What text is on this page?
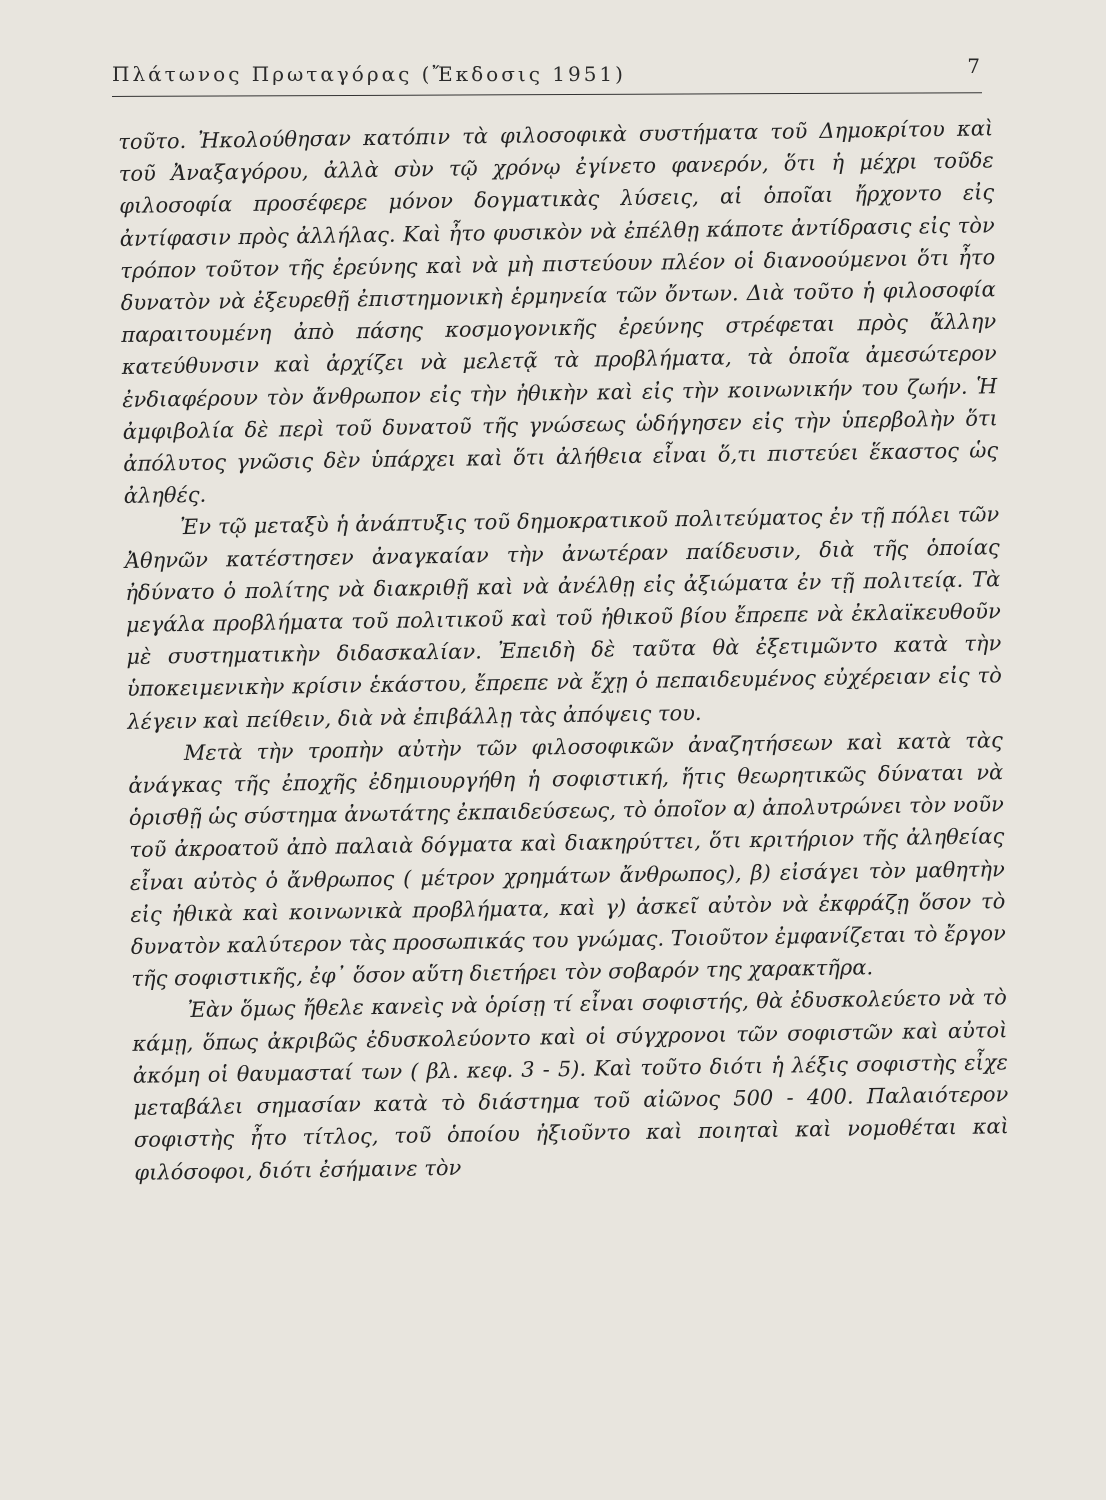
Πλάτωνος Πρωταγόρας (Ἔκδοσις 1951)	7

τοῦτο. Ἠκολούθησαν κατόπιν τὰ φιλοσοφικὰ συστήματα τοῦ Δημοκρίτου καὶ τοῦ Ἀναξαγόρου, ἀλλὰ σὺν τῷ χρόνῳ ἐγίνετο φανερόν, ὅτι ἡ μέχρι τοῦδε φιλοσοφία προσέφερε μόνον δογματικὰς λύσεις, αἱ ὁποῖαι ἤρχοντο εἰς ἀντίφασιν πρὸς ἀλλήλας. Καὶ ἦτο φυσικὸν νὰ ἐπέλθῃ κάποτε ἀντίδρασις εἰς τὸν τρόπον τοῦτον τῆς ἐρεύνης καὶ νὰ μὴ πιστεύουν πλέον οἱ διανοούμενοι ὅτι ἦτο δυνατὸν νὰ ἐξευρεθῇ ἐπιστημονικὴ ἑρμηνεία τῶν ὄντων. Διὰ τοῦτο ἡ φιλοσοφία παραιτουμένη ἀπὸ πάσης κοσμογονικῆς ἐρεύνης στρέφεται πρὸς ἄλλην κατεύθυνσιν καὶ ἀρχίζει νὰ μελετᾷ τὰ προβλήματα, τὰ ὁποῖα ἀμεσώτερον ἐνδιαφέρουν τὸν ἄνθρωπον εἰς τὴν ἠθικὴν καὶ εἰς τὴν κοινωνικήν του ζωήν. Ἡ ἀμφιβολία δὲ περὶ τοῦ δυνατοῦ τῆς γνώσεως ὡδήγησεν εἰς τὴν ὑπερβολὴν ὅτι ἀπόλυτος γνῶσις δὲν ὑπάρχει καὶ ὅτι ἀλήθεια εἶναι ὅ,τι πιστεύει ἕκαστος ὡς ἀληθές.

Ἐν τῷ μεταξὺ ἡ ἀνάπτυξις τοῦ δημοκρατικοῦ πολιτεύματος ἐν τῇ πόλει τῶν Ἀθηνῶν κατέστησεν ἀναγκαίαν τὴν ἀνωτέραν παίδευσιν, διὰ τῆς ὁποίας ἠδύνατο ὁ πολίτης νὰ διακριθῇ καὶ νὰ ἀνέλθῃ εἰς ἀξιώματα ἐν τῇ πολιτείᾳ. Τὰ μεγάλα προβλήματα τοῦ πολιτικοῦ καὶ τοῦ ἠθικοῦ βίου ἔπρεπε νὰ ἐκλαϊκευθοῦν μὲ συστηματικὴν διδασκαλίαν. Ἐπειδὴ δὲ ταῦτα θὰ ἐξετιμῶντο κατὰ τὴν ὑποκειμενικὴν κρίσιν ἑκάστου, ἔπρεπε νὰ ἔχῃ ὁ πεπαιδευμένος εὐχέρειαν εἰς τὸ λέγειν καὶ πείθειν, διὰ νὰ ἐπιβάλλῃ τὰς ἀπόψεις του.

Μετὰ τὴν τροπὴν αὐτὴν τῶν φιλοσοφικῶν ἀναζητήσεων καὶ κατὰ τὰς ἀνάγκας τῆς ἐποχῆς ἐδημιουργήθη ἡ σοφιστική, ἥτις θεωρητικῶς δύναται νὰ ὁρισθῇ ὡς σύστημα ἀνωτάτης ἐκπαιδεύσεως, τὸ ὁποῖον α) ἀπολυτρώνει τὸν νοῦν τοῦ ἀκροατοῦ ἀπὸ παλαιὰ δόγματα καὶ διακηρύττει, ὅτι κριτήριον τῆς ἀληθείας εἶναι αὐτὸς ὁ ἄνθρωπος ( μέτρον χρημάτων ἄνθρωπος), β) εἰσάγει τὸν μαθητὴν εἰς ἠθικὰ καὶ κοινωνικὰ προβλήματα, καὶ γ) ἀσκεῖ αὐτὸν νὰ ἐκφράζῃ ὅσον τὸ δυνατὸν καλύτερον τὰς προσωπικάς του γνώμας. Τοιοῦτον ἐμφανίζεται τὸ ἔργον τῆς σοφιστικῆς, ἐφ᾽ ὅσον αὕτη διετήρει τὸν σοβαρόν της χαρακτῆρα.

Ἐὰν ὅμως ἤθελε κανεὶς νὰ ὁρίσῃ τί εἶναι σοφιστής, θὰ ἐδυσκολεύετο νὰ τὸ κάμῃ, ὅπως ἀκριβῶς ἐδυσκολεύοντο καὶ οἱ σύγχρονοι τῶν σοφιστῶν καὶ αὐτοὶ ἀκόμη οἱ θαυμασταί των ( βλ. κεφ. 3 - 5). Καὶ τοῦτο διότι ἡ λέξις σοφιστὴς εἶχε μεταβάλει σημασίαν κατὰ τὸ διάστημα τοῦ αἰῶνος 500 - 400. Παλαιότερον σοφιστὴς ἦτο τίτλος, τοῦ ὁποίου ἠξιοῦντο καὶ ποιηταὶ καὶ νομοθέται καὶ φιλόσοφοι, διότι ἐσήμαινε τὸν
